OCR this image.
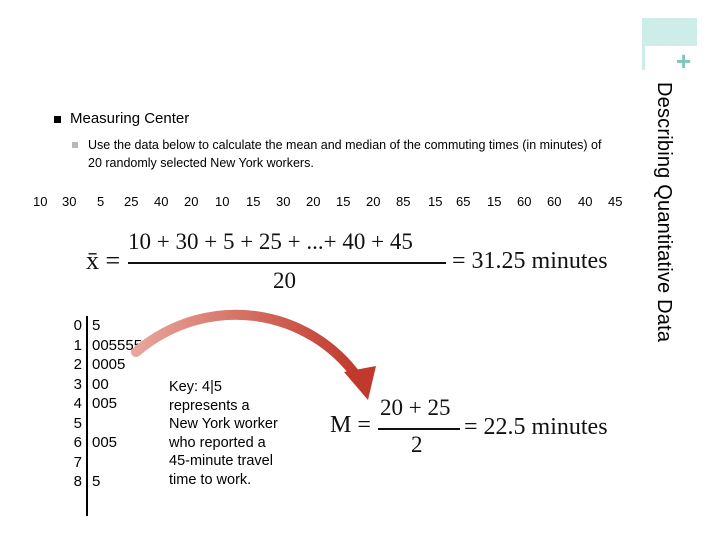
+
Describing Quantitative Data
Measuring Center
Use the data below to calculate the mean and median of the commuting times (in minutes) of 20 randomly selected New York workers.
10 30 5 25 40 20 10 15 30 20 15 20 85 15 65 15 60 60 40 45
x̄ =
10 + 30 + 5 + 25 + ...+ 40 + 45
20
= 31.25 minutes
0
1
2
3
4
5
6
7
8
5
005555
0005
00
005
005
5
Key: 4|5 represents a New York worker who reported a 45-minute travel time to work.
M =
20 + 25
2
= 22.5 minutes
